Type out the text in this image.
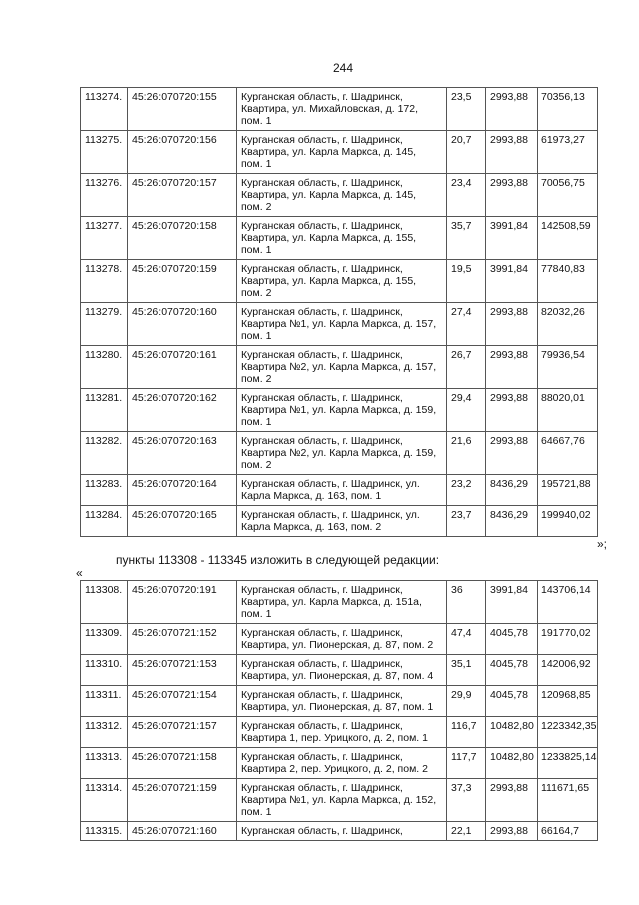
244
113274.	45:26:070720:155	Курганская область, г. Шадринск,
Квартира, ул. Михайловская, д. 172,
пом. 1	23,5	2993,88	70356,13
113275.	45:26:070720:156	Курганская область, г. Шадринск,
Квартира, ул. Карла Маркса, д. 145,
пом. 1	20,7	2993,88	61973,27
113276.	45:26:070720:157	Курганская область, г. Шадринск,
Квартира, ул. Карла Маркса, д. 145,
пом. 2	23,4	2993,88	70056,75
113277.	45:26:070720:158	Курганская область, г. Шадринск,
Квартира, ул. Карла Маркса, д. 155,
пом. 1	35,7	3991,84	142508,59
113278.	45:26:070720:159	Курганская область, г. Шадринск,
Квартира, ул. Карла Маркса, д. 155,
пом. 2	19,5	3991,84	77840,83
113279.	45:26:070720:160	Курганская область, г. Шадринск,
Квартира №1, ул. Карла Маркса, д. 157,
пом. 1	27,4	2993,88	82032,26
113280.	45:26:070720:161	Курганская область, г. Шадринск,
Квартира №2, ул. Карла Маркса, д. 157,
пом. 2	26,7	2993,88	79936,54
113281.	45:26:070720:162	Курганская область, г. Шадринск,
Квартира №1, ул. Карла Маркса, д. 159,
пом. 1	29,4	2993,88	88020,01
113282.	45:26:070720:163	Курганская область, г. Шадринск,
Квартира №2, ул. Карла Маркса, д. 159,
пом. 2	21,6	2993,88	64667,76
113283.	45:26:070720:164	Курганская область, г. Шадринск, ул.
Карла Маркса, д. 163, пом. 1	23,2	8436,29	195721,88
113284.	45:26:070720:165	Курганская область, г. Шадринск, ул.
Карла Маркса, д. 163, пом. 2	23,7	8436,29	199940,02
»;
пункты 113308 - 113345 изложить в следующей редакции:
«
113308.	45:26:070720:191	Курганская область, г. Шадринск,
Квартира, ул. Карла Маркса, д. 151а,
пом. 1	36	3991,84	143706,14
113309.	45:26:070721:152	Курганская область, г. Шадринск,
Квартира, ул. Пионерская, д. 87, пом. 2	47,4	4045,78	191770,02
113310.	45:26:070721:153	Курганская область, г. Шадринск,
Квартира, ул. Пионерская, д. 87, пом. 4	35,1	4045,78	142006,92
113311.	45:26:070721:154	Курганская область, г. Шадринск,
Квартира, ул. Пионерская, д. 87, пом. 1	29,9	4045,78	120968,85
113312.	45:26:070721:157	Курганская область, г. Шадринск,
Квартира 1, пер. Урицкого, д. 2, пом. 1	116,7	10482,80	1223342,35
113313.	45:26:070721:158	Курганская область, г. Шадринск,
Квартира 2, пер. Урицкого, д. 2, пом. 2	117,7	10482,80	1233825,14
113314.	45:26:070721:159	Курганская область, г. Шадринск,
Квартира №1, ул. Карла Маркса, д. 152,
пом. 1	37,3	2993,88	111671,65
113315.	45:26:070721:160	Курганская область, г. Шадринск,	22,1	2993,88	66164,7
